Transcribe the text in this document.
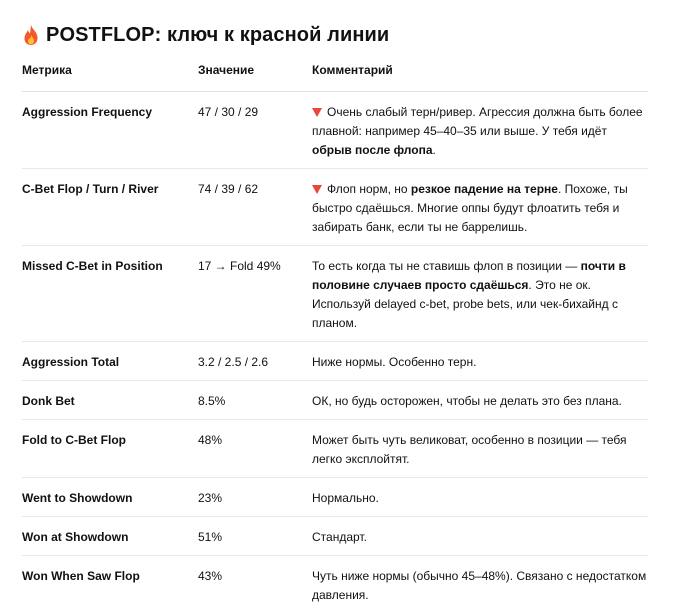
POSTFLOP: ключ к красной линии
Метрика	Значение	Комментарий
Aggression Frequency	47 / 30 / 29	Очень слабый терн/ривер. Агрессия должна быть более плавной: например 45–40–35 или выше. У тебя идёт обрыв после флопа.
C-Bet Flop / Turn / River	74 / 39 / 62	Флоп норм, но резкое падение на терне. Похоже, ты быстро сдаёшься. Многие оппы будут флоатить тебя и забирать банк, если ты не баррелишь.
Missed C-Bet in Position	17 → Fold 49%	То есть когда ты не ставишь флоп в позиции — почти в половине случаев просто сдаёшься. Это не ок. Используй delayed c-bet, probe bets, или чек-бихайнд с планом.
Aggression Total	3.2 / 2.5 / 2.6	Ниже нормы. Особенно терн.
Donk Bet	8.5%	ОК, но будь осторожен, чтобы не делать это без плана.
Fold to C-Bet Flop	48%	Может быть чуть великоват, особенно в позиции — тебя легко эксплойтят.
Went to Showdown	23%	Нормально.
Won at Showdown	51%	Стандарт.
Won When Saw Flop	43%	Чуть ниже нормы (обычно 45–48%). Связано с недостатком давления.
